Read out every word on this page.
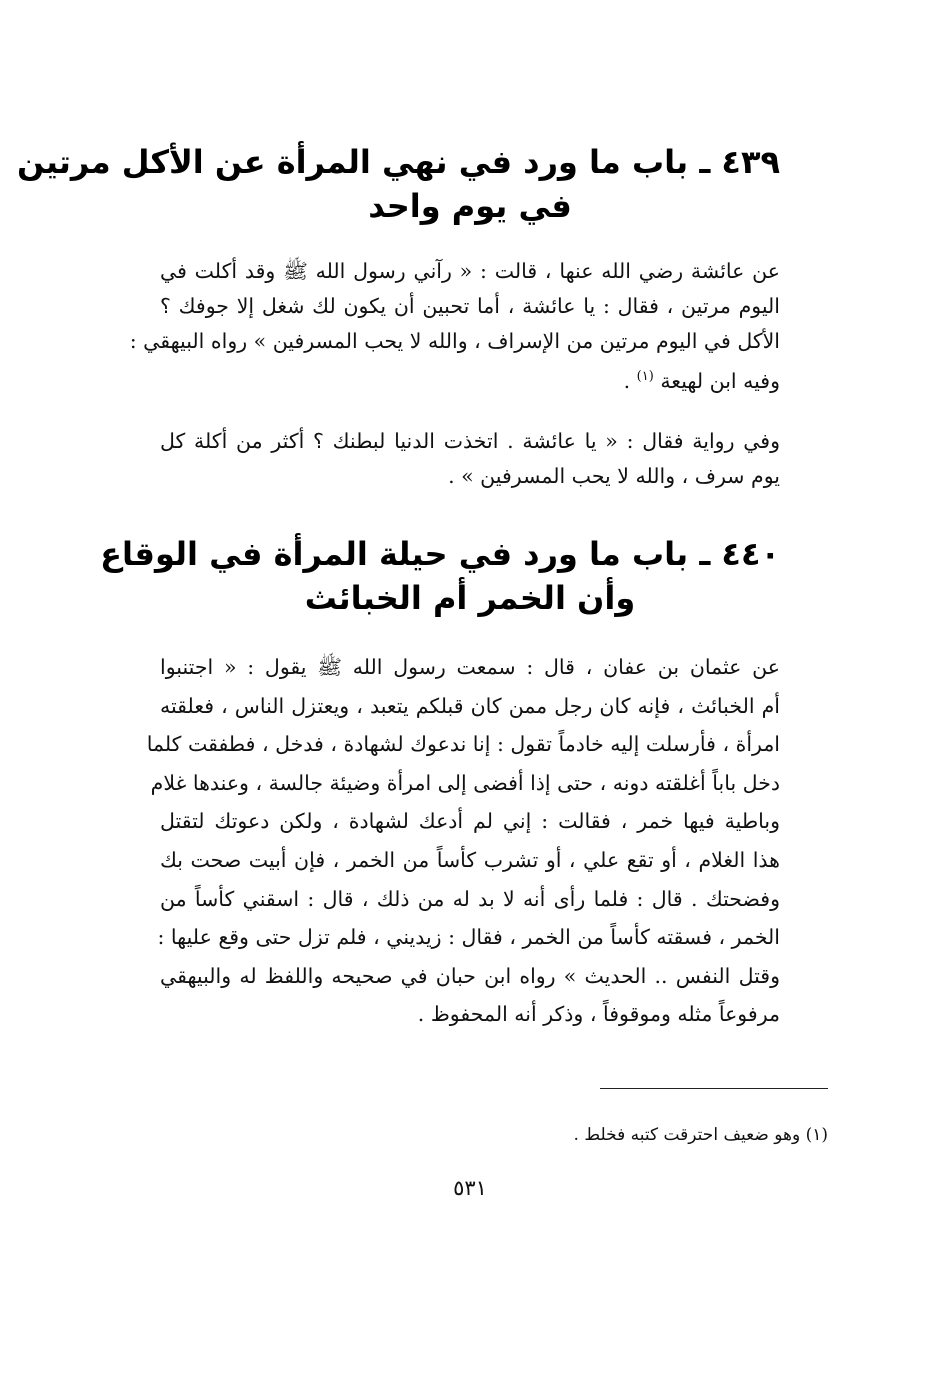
٤٣٩ ـ باب ما ورد في نهي المرأة عن الأكل مرتين
في يوم واحد

عن عائشة رضي الله عنها ، قالت : « رآني رسول الله ﷺ وقد أكلت في
اليوم مرتين ، فقال : يا عائشة ، أما تحبين أن يكون لك شغل إلا جوفك ؟
الأكل في اليوم مرتين من الإسراف ، والله لا يحب المسرفين » رواه البيهقي :
وفيه ابن لهيعة $^{(١)}$ .

وفي رواية فقال : « يا عائشة . اتخذت الدنيا لبطنك ؟ أكثر من أكلة كل
يوم سرف ، والله لا يحب المسرفين » .

٤٤٠ ـ باب ما ورد في حيلة المرأة في الوقاع
وأن الخمر أم الخبائث

عن عثمان بن عفان ، قال : سمعت رسول الله ﷺ يقول : « اجتنبوا
أم الخبائث ، فإنه كان رجل ممن كان قبلكم يتعبد ، ويعتزل الناس ، فعلقته
امرأة ، فأرسلت إليه خادماً تقول : إنا ندعوك لشهادة ، فدخل ، فطفقت كلما
دخل باباً أغلقته دونه ، حتى إذا أفضى إلى امرأة وضيئة جالسة ، وعندها غلام
وباطية فيها خمر ، فقالت : إني لم أدعك لشهادة ، ولكن دعوتك لتقتل
هذا الغلام ، أو تقع علي ، أو تشرب كأساً من الخمر ، فإن أبيت صحت بك
وفضحتك . قال : فلما رأى أنه لا بد له من ذلك ، قال : اسقني كأساً من
الخمر ، فسقته كأساً من الخمر ، فقال : زيديني ، فلم تزل حتى وقع عليها :
وقتل النفس .. الحديث » رواه ابن حبان في صحيحه واللفظ له والبيهقي
مرفوعاً مثله وموقوفاً ، وذكر أنه المحفوظ .

(١) وهو ضعيف احترقت كتبه فخلط .
٥٣١
